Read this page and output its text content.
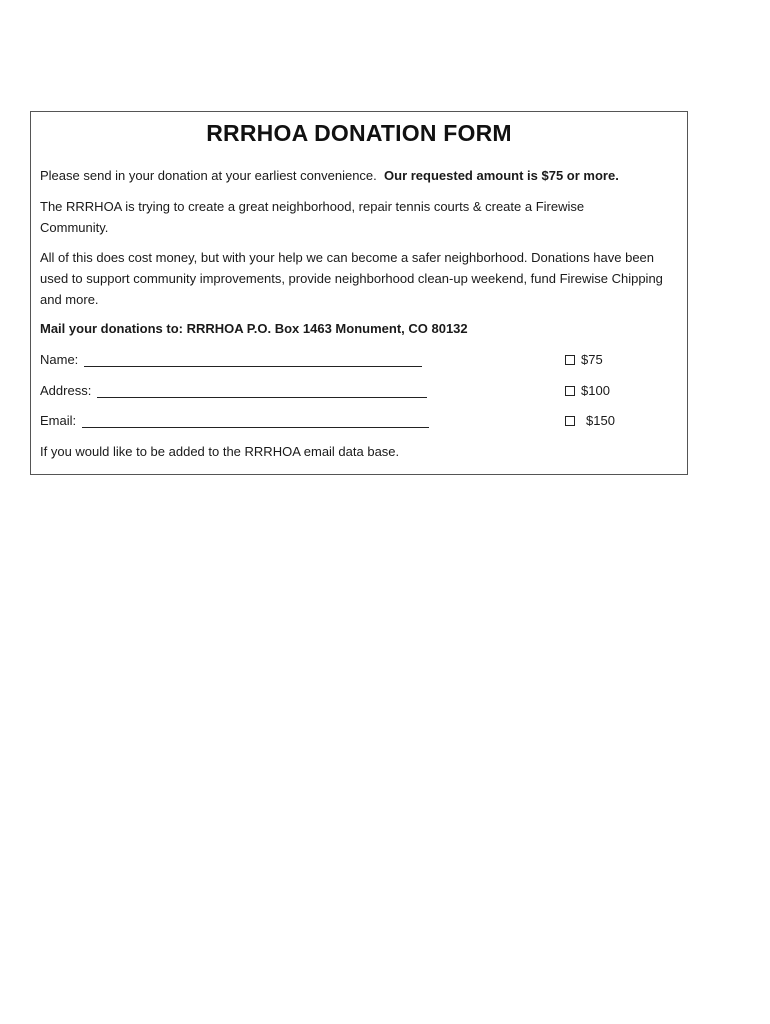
RRRHOA DONATION FORM
Please send in your donation at your earliest convenience. Our requested amount is $75 or more.
The RRRHOA is trying to create a great neighborhood, repair tennis courts & create a Firewise Community.
All of this does cost money, but with your help we can become a safer neighborhood. Donations have been used to support community improvements, provide neighborhood clean-up weekend, fund Firewise Chipping and more.
Mail your donations to: RRRHOA P.O. Box 1463 Monument, CO 80132
Name:
Address:
Email:
$75
$100
$150
If you would like to be added to the RRRHOA email data base.
